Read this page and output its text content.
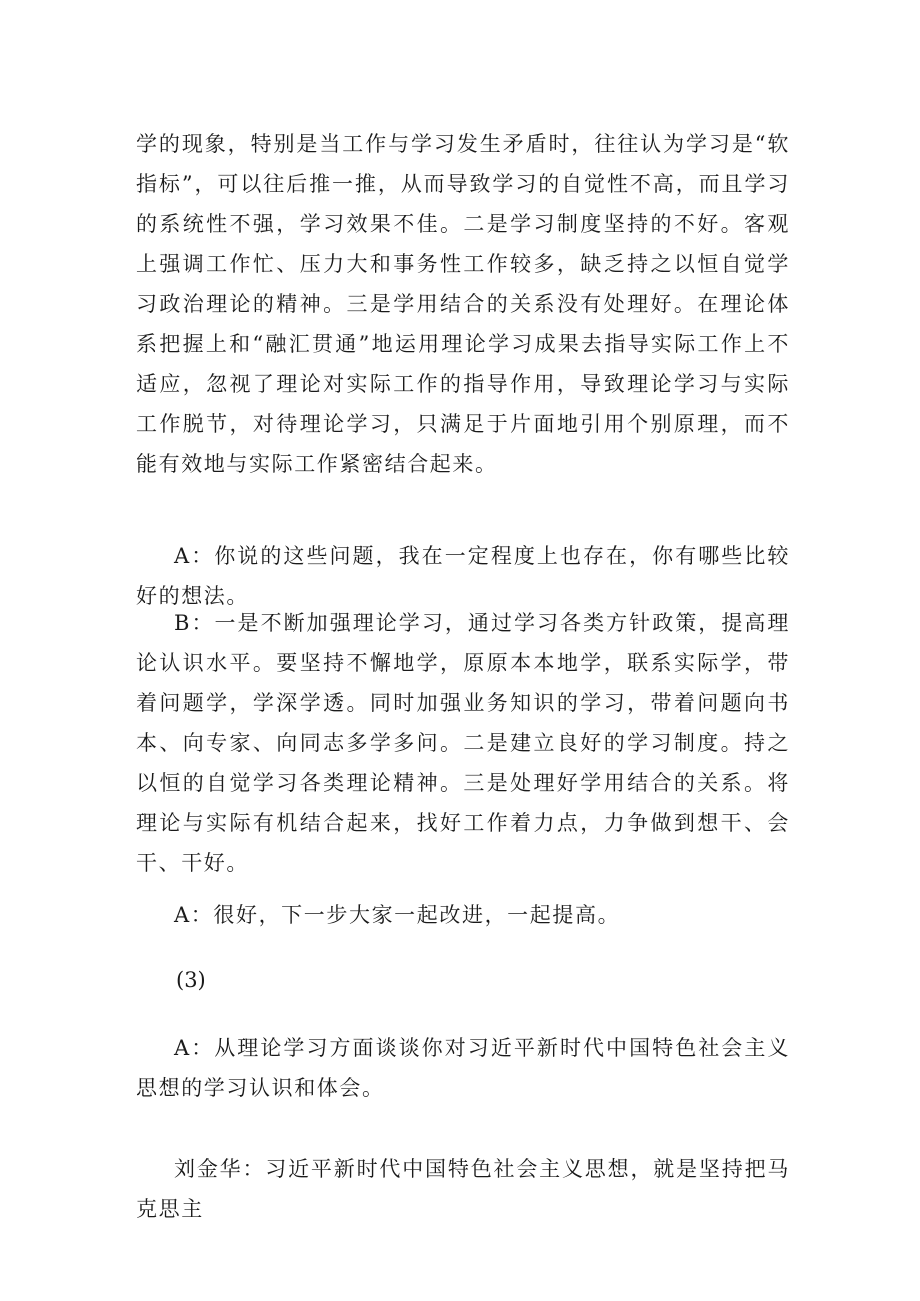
学的现象，特别是当工作与学习发生矛盾时，往往认为学习是“软指标”，可以往后推一推，从而导致学习的自觉性不高，而且学习的系统性不强，学习效果不佳。二是学习制度坚持的不好。客观上强调工作忙、压力大和事务性工作较多，缺乏持之以恒自觉学习政治理论的精神。三是学用结合的关系没有处理好。在理论体系把握上和“融汇贯通”地运用理论学习成果去指导实际工作上不适应，忽视了理论对实际工作的指导作用，导致理论学习与实际工作脱节，对待理论学习，只满足于片面地引用个别原理，而不能有效地与实际工作紧密结合起来。

A：你说的这些问题，我在一定程度上也存在，你有哪些比较好的想法。

B：一是不断加强理论学习，通过学习各类方针政策，提高理论认识水平。要坚持不懈地学，原原本本地学，联系实际学，带着问题学，学深学透。同时加强业务知识的学习，带着问题向书本、向专家、向同志多学多问。二是建立良好的学习制度。持之以恒的自觉学习各类理论精神。三是处理好学用结合的关系。将理论与实际有机结合起来，找好工作着力点，力争做到想干、会干、干好。

A：很好，下一步大家一起改进，一起提高。

(3)

A：从理论学习方面谈谈你对习近平新时代中国特色社会主义思想的学习认识和体会。

刘金华：习近平新时代中国特色社会主义思想，就是坚持把马克思主
